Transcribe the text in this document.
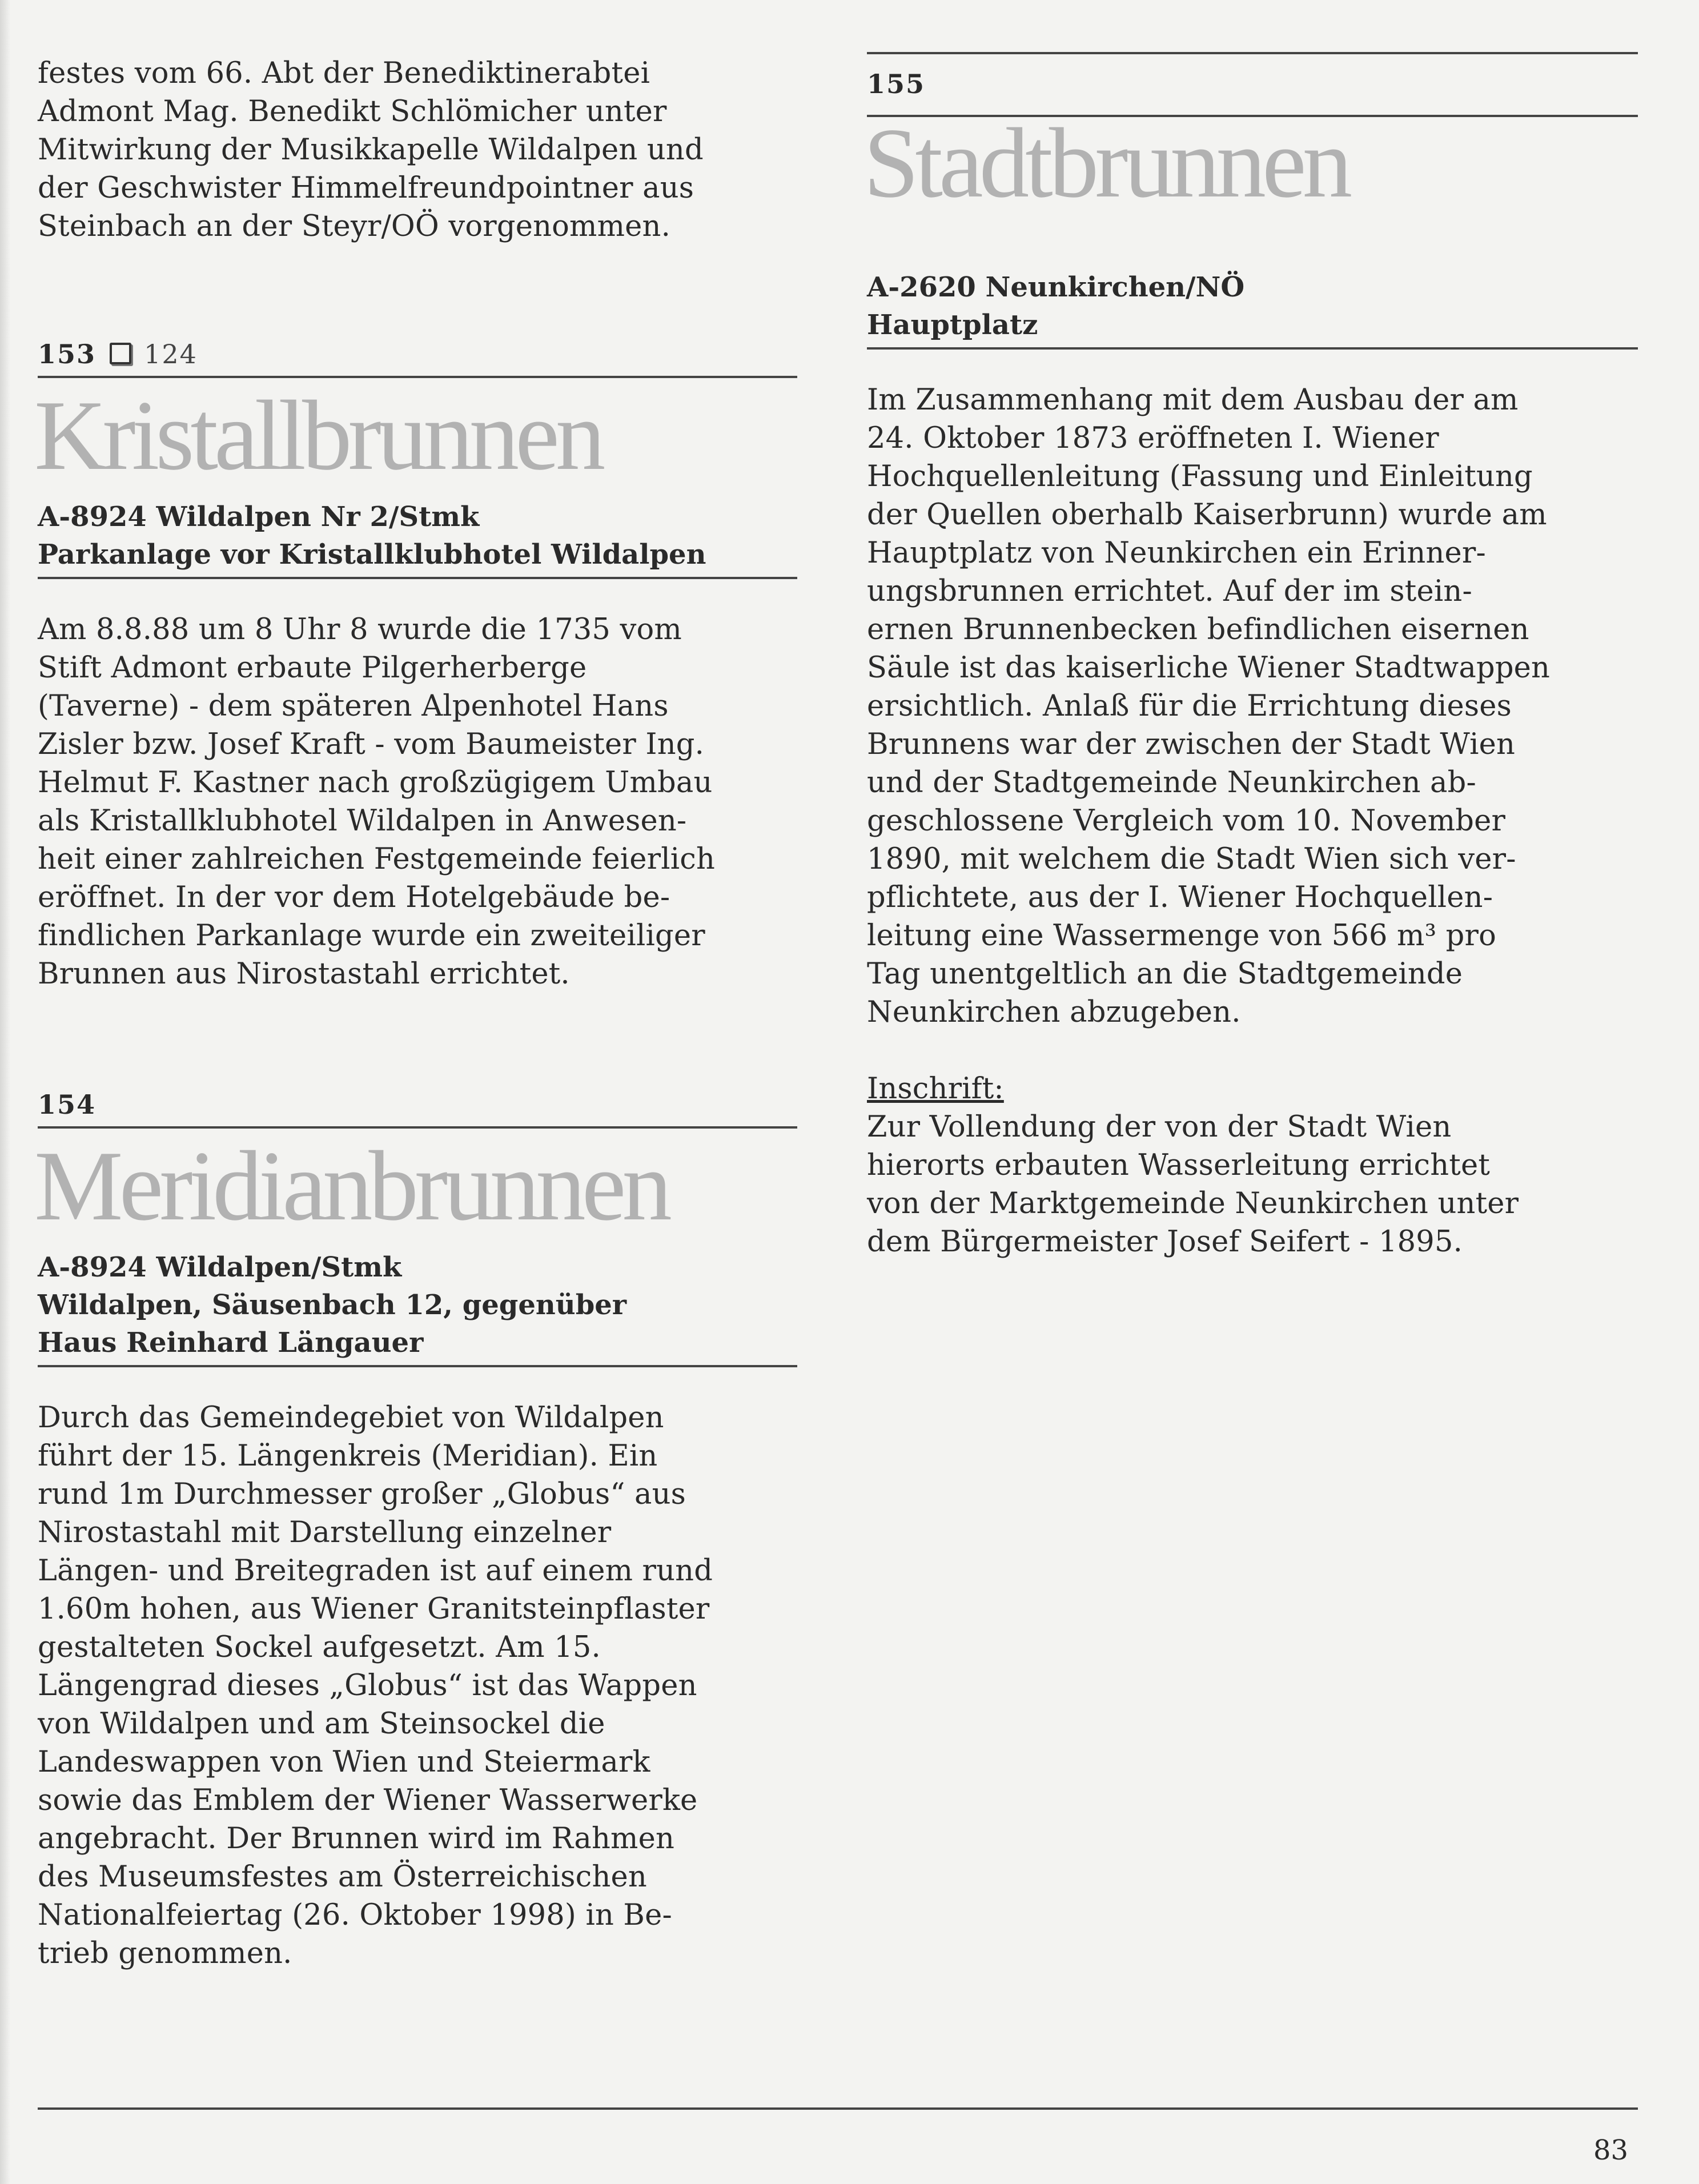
festes vom 66. Abt der Benediktinerabtei
Admont Mag. Benedikt Schlömicher unter
Mitwirkung der Musikkapelle Wildalpen und
der Geschwister Himmelfreundpointner aus
Steinbach an der Steyr/OÖ vorgenommen.

153 124
Kristallbrunnen
A-8924 Wildalpen Nr 2/Stmk
Parkanlage vor Kristallklubhotel Wildalpen

Am 8.8.88 um 8 Uhr 8 wurde die 1735 vom
Stift Admont erbaute Pilgerherberge
(Taverne) - dem späteren Alpenhotel Hans
Zisler bzw. Josef Kraft - vom Baumeister Ing.
Helmut F. Kastner nach großzügigem Umbau
als Kristallklubhotel Wildalpen in Anwesen-
heit einer zahlreichen Festgemeinde feierlich
eröffnet. In der vor dem Hotelgebäude be-
findlichen Parkanlage wurde ein zweiteiliger
Brunnen aus Nirostastahl errichtet.

154
Meridianbrunnen
A-8924 Wildalpen/Stmk
Wildalpen, Säusenbach 12, gegenüber
Haus Reinhard Längauer

Durch das Gemeindegebiet von Wildalpen
führt der 15. Längenkreis (Meridian). Ein
rund 1m Durchmesser großer „Globus“ aus
Nirostastahl mit Darstellung einzelner
Längen- und Breitegraden ist auf einem rund
1.60m hohen, aus Wiener Granitsteinpflaster
gestalteten Sockel aufgesetzt. Am 15.
Längengrad dieses „Globus“ ist das Wappen
von Wildalpen und am Steinsockel die
Landeswappen von Wien und Steiermark
sowie das Emblem der Wiener Wasserwerke
angebracht. Der Brunnen wird im Rahmen
des Museumsfestes am Österreichischen
Nationalfeiertag (26. Oktober 1998) in Be-
trieb genommen.

155
Stadtbrunnen
A-2620 Neunkirchen/NÖ
Hauptplatz

Im Zusammenhang mit dem Ausbau der am
24. Oktober 1873 eröffneten I. Wiener
Hochquellenleitung (Fassung und Einleitung
der Quellen oberhalb Kaiserbrunn) wurde am
Hauptplatz von Neunkirchen ein Erinner-
ungsbrunnen errichtet. Auf der im stein-
ernen Brunnenbecken befindlichen eisernen
Säule ist das kaiserliche Wiener Stadtwappen
ersichtlich. Anlaß für die Errichtung dieses
Brunnens war der zwischen der Stadt Wien
und der Stadtgemeinde Neunkirchen ab-
geschlossene Vergleich vom 10. November
1890, mit welchem die Stadt Wien sich ver-
pflichtete, aus der I. Wiener Hochquellen-
leitung eine Wassermenge von 566 m³ pro
Tag unentgeltlich an die Stadtgemeinde
Neunkirchen abzugeben.

Inschrift:
Zur Vollendung der von der Stadt Wien
hierorts erbauten Wasserleitung errichtet
von der Marktgemeinde Neunkirchen unter
dem Bürgermeister Josef Seifert - 1895.

83
